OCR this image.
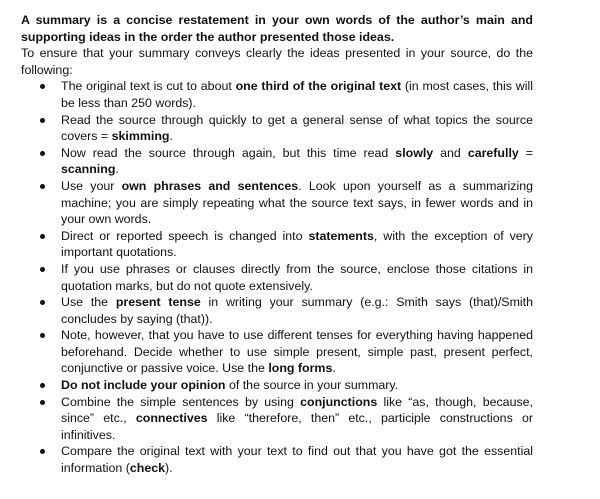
A summary is a concise restatement in your own words of the author’s main and supporting ideas in the order the author presented those ideas.

To ensure that your summary conveys clearly the ideas presented in your source, do the following:

The original text is cut to about one third of the original text (in most cases, this will be less than 250 words).
Read the source through quickly to get a general sense of what topics the source covers = skimming.
Now read the source through again, but this time read slowly and carefully = scanning.
Use your own phrases and sentences. Look upon yourself as a summarizing machine; you are simply repeating what the source text says, in fewer words and in your own words.
Direct or reported speech is changed into statements, with the exception of very important quotations.
If you use phrases or clauses directly from the source, enclose those citations in quotation marks, but do not quote extensively.
Use the present tense in writing your summary (e.g.: Smith says (that)/Smith concludes by saying (that)).
Note, however, that you have to use different tenses for everything having happened beforehand. Decide whether to use simple present, simple past, present perfect, conjunctive or passive voice. Use the long forms.
Do not include your opinion of the source in your summary.
Combine the simple sentences by using conjunctions like “as, though, because, since” etc., connectives like “therefore, then” etc., participle constructions or infinitives.
Compare the original text with your text to find out that you have got the essential information (check).
